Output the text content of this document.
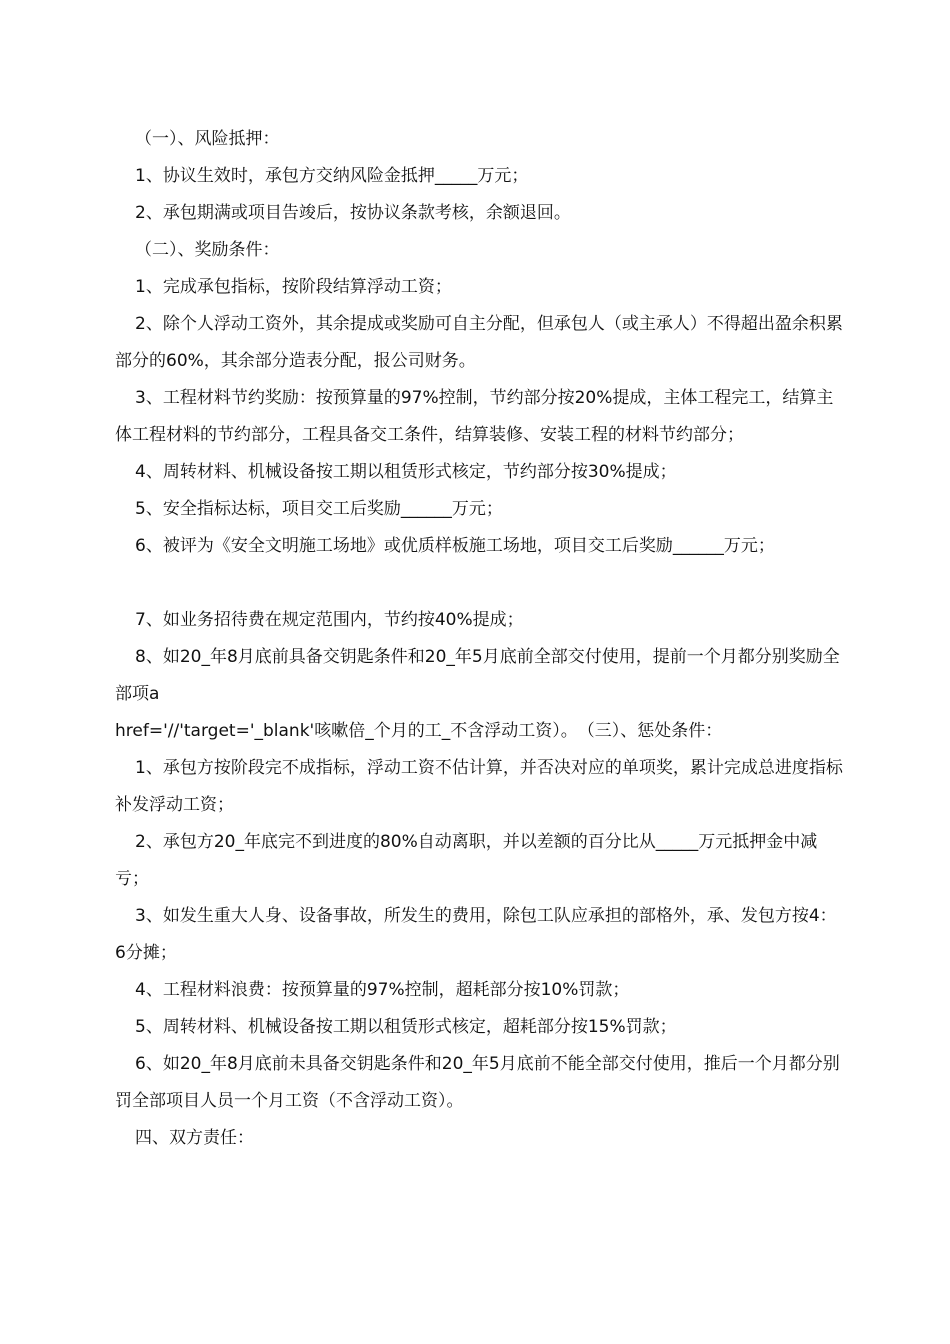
（一）、风险抵押：

1、协议生效时，承包方交纳风险金抵押_____万元；

2、承包期满或项目告竣后，按协议条款考核，余额退回。

（二）、奖励条件：

1、完成承包指标，按阶段结算浮动工资；

2、除个人浮动工资外，其余提成或奖励可自主分配，但承包人（或主承人）不得超出盈余积累部分的60%，其余部分造表分配，报公司财务。

3、工程材料节约奖励：按预算量的97%控制，节约部分按20%提成，主体工程完工，结算主体工程材料的节约部分，工程具备交工条件，结算装修、安装工程的材料节约部分；

4、周转材料、机械设备按工期以租赁形式核定，节约部分按30%提成；

5、安全指标达标，项目交工后奖励______万元；

6、被评为《安全文明施工场地》或优质样板施工场地，项目交工后奖励______万元；

7、如业务招待费在规定范围内，节约按40%提成；

8、如20_年8月底前具备交钥匙条件和20_年5月底前全部交付使用，提前一个月都分别奖励全部项a

href='//'target='_blank'咳嗽倍_个月的工_不含浮动工资）。　（三）、惩处条件：

1、承包方按阶段完不成指标，浮动工资不估计算，并否决对应的单项奖，累计完成总进度指标补发浮动工资；

2、承包方20_年底完不到进度的80%自动离职，并以差额的百分比从_____万元抵押金中减亏；

3、如发生重大人身、设备事故，所发生的费用，除包工队应承担的部格外，承、发包方按4：6分摊；

4、工程材料浪费：按预算量的97%控制，超耗部分按10%罚款；

5、周转材料、机械设备按工期以租赁形式核定，超耗部分按15%罚款；

6、如20_年8月底前未具备交钥匙条件和20_年5月底前不能全部交付使用，推后一个月都分别罚全部项目人员一个月工资（不含浮动工资）。

四、双方责任：
